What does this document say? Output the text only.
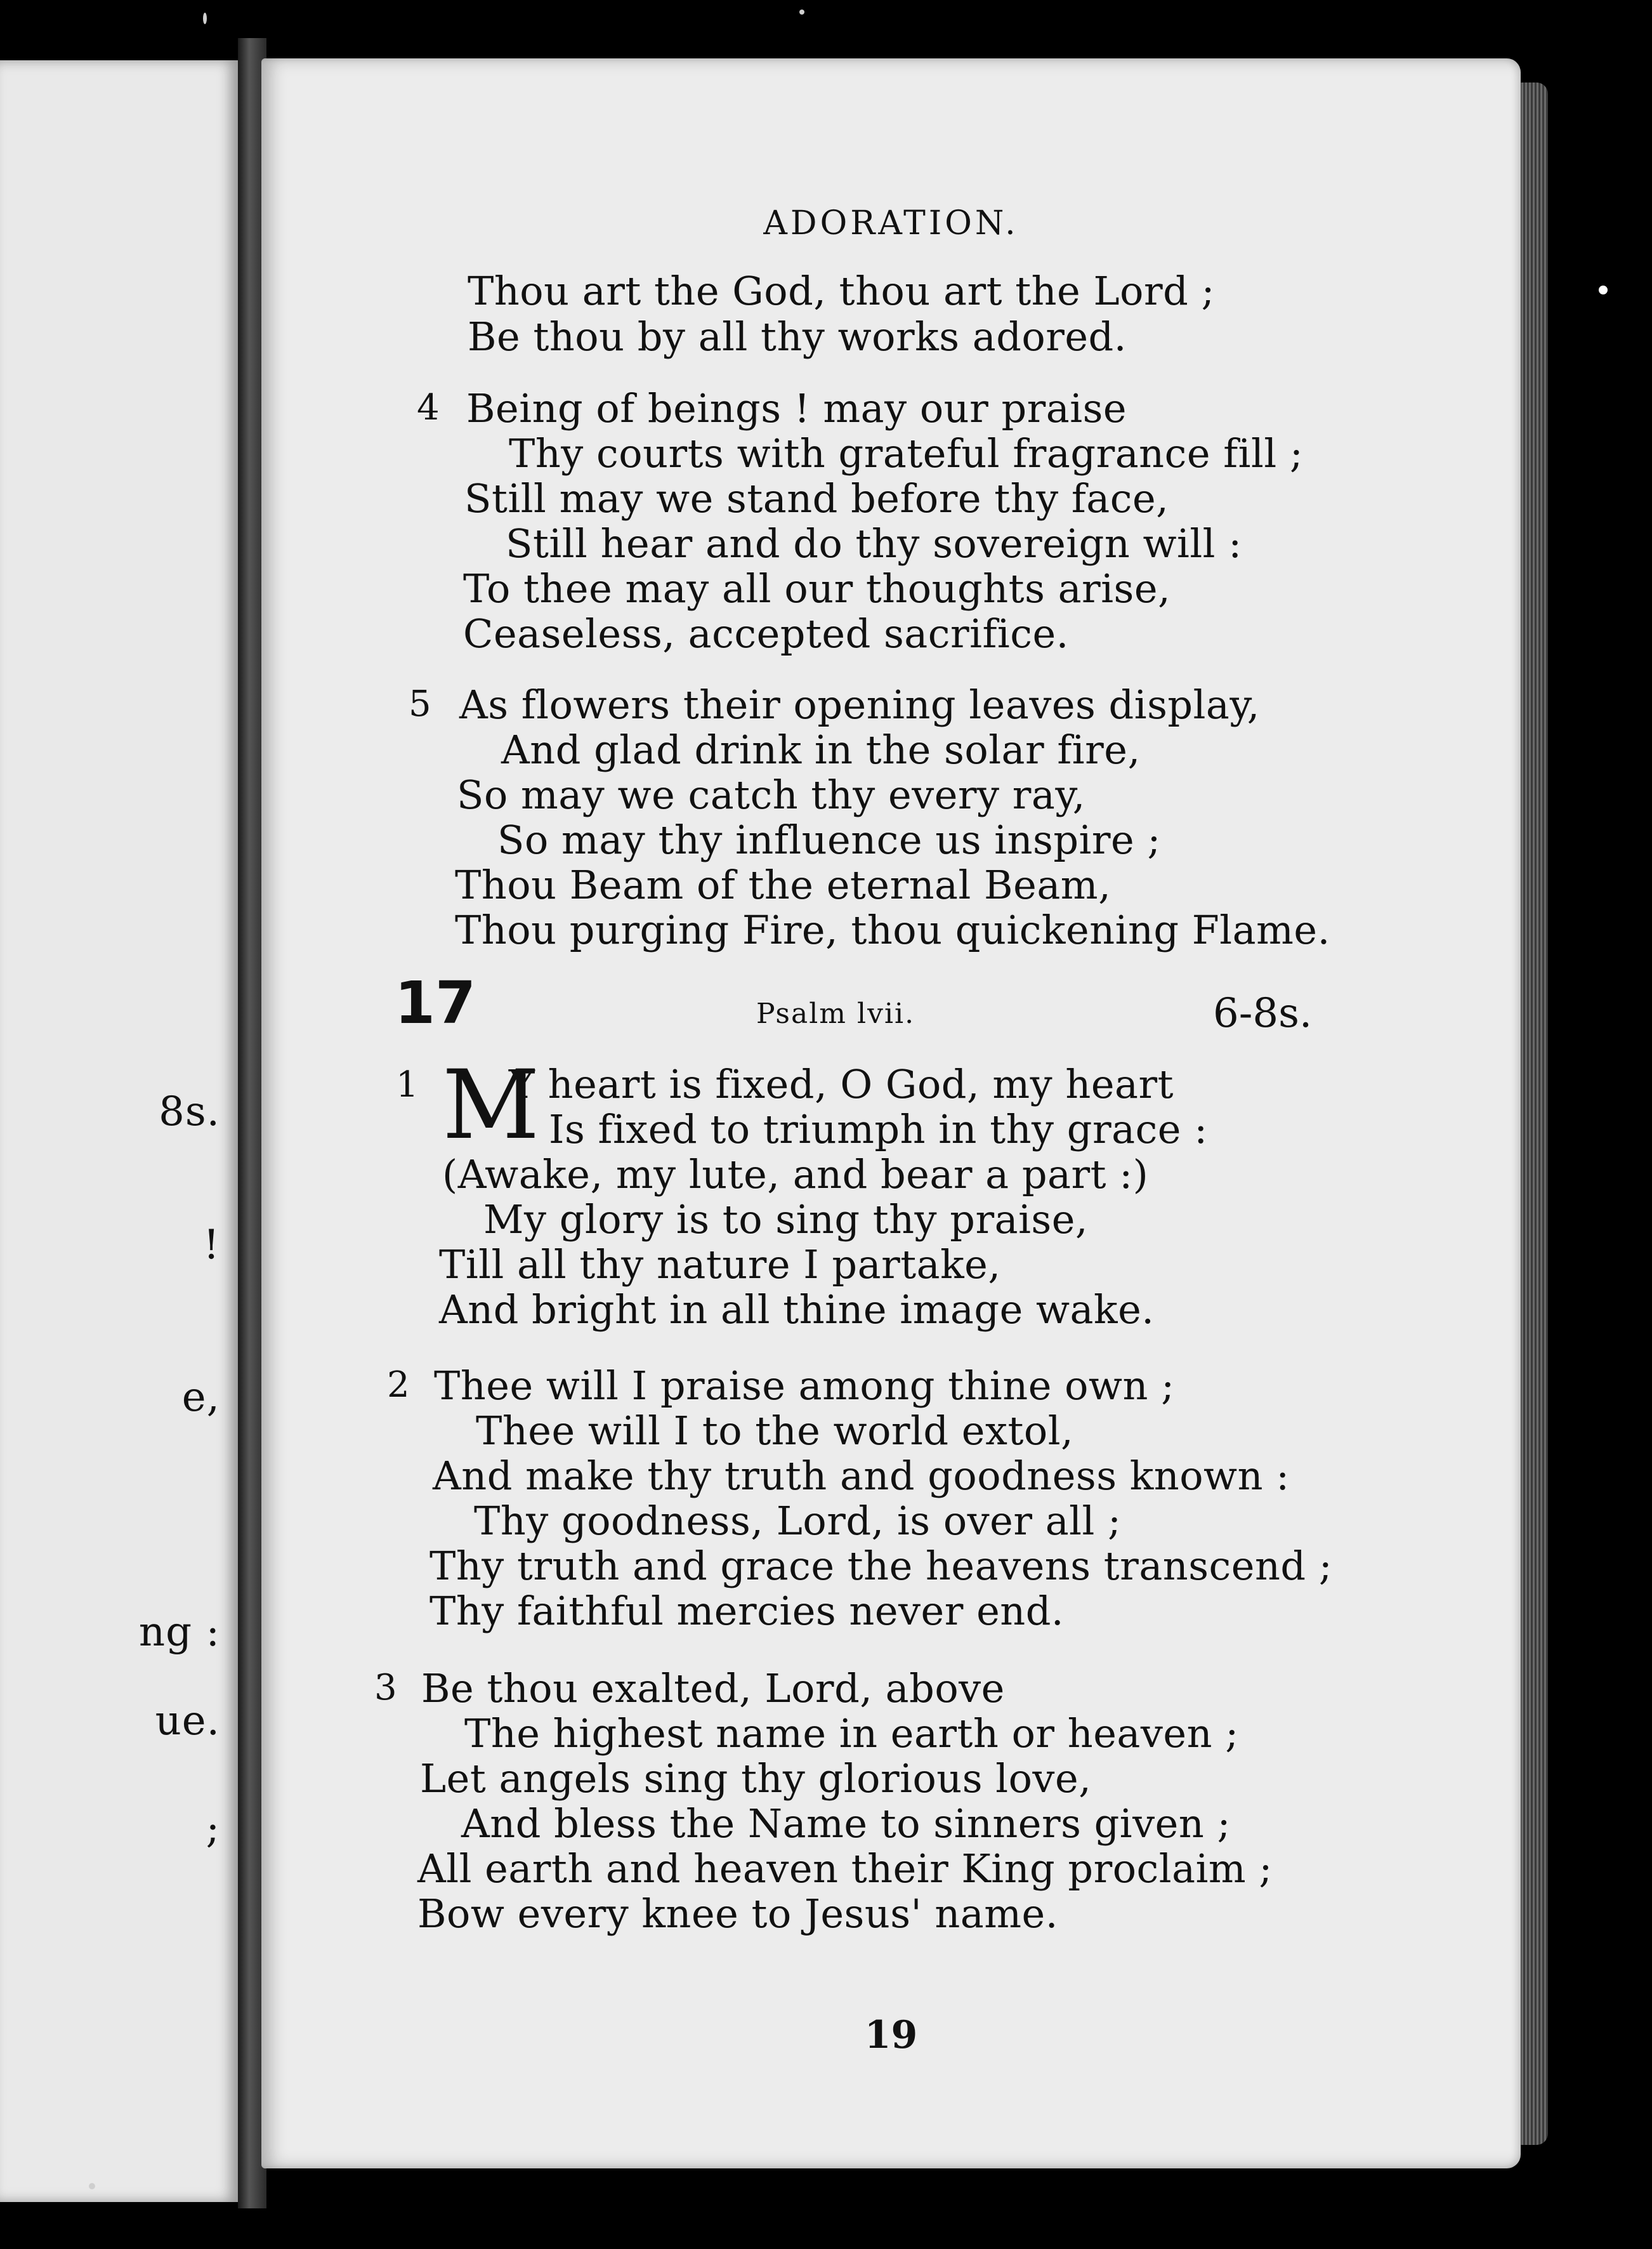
8s.
!
e,
ng :
ue.
;
ADORATION.
Thou art the God, thou art the Lord ;
Be thou by all thy works adored.
4 Being of beings ! may our praise
Thy courts with grateful fragrance fill ;
Still may we stand before thy face,
Still hear and do thy sovereign will :
To thee may all our thoughts arise,
Ceaseless, accepted sacrifice.
5 As flowers their opening leaves display,
And glad drink in the solar fire,
So may we catch thy every ray,
So may thy influence us inspire ;
Thou Beam of the eternal Beam,
Thou purging Fire, thou quickening Flame.
17	Psalm lvii.	6-8s.
1 M
Y heart is fixed, O God, my heart
Is fixed to triumph in thy grace :
(Awake, my lute, and bear a part :)
My glory is to sing thy praise,
Till all thy nature I partake,
And bright in all thine image wake.
2 Thee will I praise among thine own ;
Thee will I to the world extol,
And make thy truth and goodness known :
Thy goodness, Lord, is over all ;
Thy truth and grace the heavens transcend ;
Thy faithful mercies never end.
3 Be thou exalted, Lord, above
The highest name in earth or heaven ;
Let angels sing thy glorious love,
And bless the Name to sinners given ;
All earth and heaven their King proclaim ;
Bow every knee to Jesus' name.
19
